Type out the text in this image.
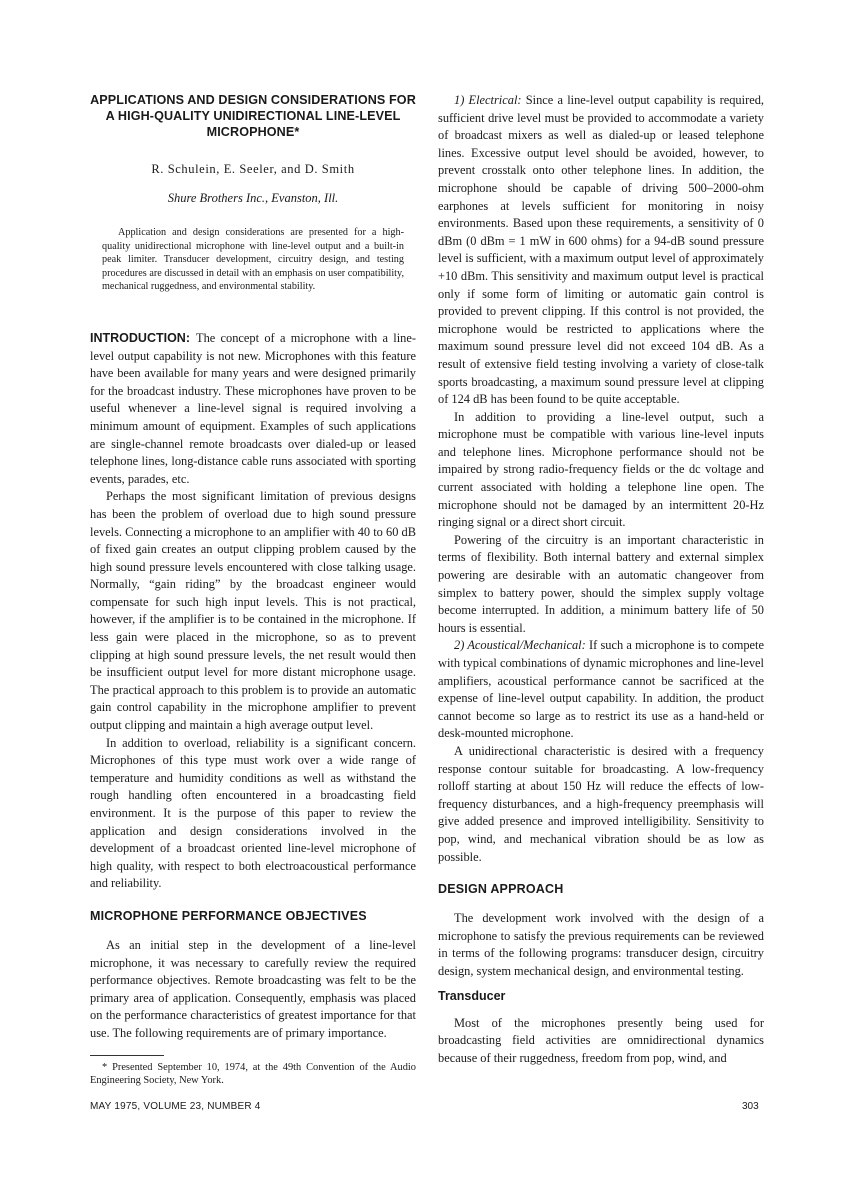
APPLICATIONS AND DESIGN CONSIDERATIONS FOR A HIGH-QUALITY UNIDIRECTIONAL LINE-LEVEL MICROPHONE*
R. Schulein, E. Seeler, and D. Smith
Shure Brothers Inc., Evanston, Ill.
Application and design considerations are presented for a high-quality unidirectional microphone with line-level output and a built-in peak limiter. Transducer development, circuitry design, and testing procedures are discussed in detail with an emphasis on user compatibility, mechanical ruggedness, and environmental stability.

INTRODUCTION: The concept of a microphone with a line-level output capability is not new. Microphones with this feature have been available for many years and were designed primarily for the broadcast industry. These microphones have proven to be useful whenever a line-level signal is required involving a minimum amount of equipment. Examples of such applications are single-channel remote broadcasts over dialed-up or leased telephone lines, long-distance cable runs associated with sporting events, parades, etc.

Perhaps the most significant limitation of previous designs has been the problem of overload due to high sound pressure levels. Connecting a microphone to an amplifier with 40 to 60 dB of fixed gain creates an output clipping problem caused by the high sound pressure levels encountered with close talking usage. Normally, “gain riding” by the broadcast engineer would compensate for such high input levels. This is not practical, however, if the amplifier is to be contained in the microphone. If less gain were placed in the microphone, so as to prevent clipping at high sound pressure levels, the net result would then be insufficient output level for more distant microphone usage. The practical approach to this problem is to provide an automatic gain control capability in the microphone amplifier to prevent output clipping and maintain a high average output level.

In addition to overload, reliability is a significant concern. Microphones of this type must work over a wide range of temperature and humidity conditions as well as withstand the rough handling often encountered in a broadcasting field environment. It is the purpose of this paper to review the application and design considerations involved in the development of a broadcast oriented line-level microphone of high quality, with respect to both electroacoustical performance and reliability.

MICROPHONE PERFORMANCE OBJECTIVES

As an initial step in the development of a line-level microphone, it was necessary to carefully review the required performance objectives. Remote broadcasting was felt to be the primary area of application. Consequently, emphasis was placed on the performance characteristics of greatest importance for that use. The following requirements are of primary importance.

* Presented September 10, 1974, at the 49th Convention of the Audio Engineering Society, New York.

1) Electrical: Since a line-level output capability is required, sufficient drive level must be provided to accommodate a variety of broadcast mixers as well as dialed-up or leased telephone lines. Excessive output level should be avoided, however, to prevent crosstalk onto other telephone lines. In addition, the microphone should be capable of driving 500–2000-ohm earphones at levels sufficient for monitoring in noisy environments. Based upon these requirements, a sensitivity of 0 dBm (0 dBm = 1 mW in 600 ohms) for a 94-dB sound pressure level is sufficient, with a maximum output level of approximately +10 dBm. This sensitivity and maximum output level is practical only if some form of limiting or automatic gain control is provided to prevent clipping. If this control is not provided, the microphone would be restricted to applications where the maximum sound pressure level did not exceed 104 dB. As a result of extensive field testing involving a variety of close-talk sports broadcasting, a maximum sound pressure level at clipping of 124 dB has been found to be quite acceptable.

In addition to providing a line-level output, such a microphone must be compatible with various line-level inputs and telephone lines. Microphone performance should not be impaired by strong radio-frequency fields or the dc voltage and current associated with holding a telephone line open. The microphone should not be damaged by an intermittent 20-Hz ringing signal or a direct short circuit.

Powering of the circuitry is an important characteristic in terms of flexibility. Both internal battery and external simplex powering are desirable with an automatic changeover from simplex to battery power, should the simplex supply voltage become interrupted. In addition, a minimum battery life of 50 hours is essential.

2) Acoustical/Mechanical: If such a microphone is to compete with typical combinations of dynamic microphones and line-level amplifiers, acoustical performance cannot be sacrificed at the expense of line-level output capability. In addition, the product cannot become so large as to restrict its use as a hand-held or desk-mounted microphone.

A unidirectional characteristic is desired with a frequency response contour suitable for broadcasting. A low-frequency rolloff starting at about 150 Hz will reduce the effects of low-frequency disturbances, and a high-frequency preemphasis will give added presence and improved intelligibility. Sensitivity to pop, wind, and mechanical vibration should be as low as possible.

DESIGN APPROACH

The development work involved with the design of a microphone to satisfy the previous requirements can be reviewed in terms of the following programs: transducer design, circuitry design, system mechanical design, and environmental testing.

Transducer

Most of the microphones presently being used for broadcasting field activities are omnidirectional dynamics because of their ruggedness, freedom from pop, wind, and

MAY 1975, VOLUME 23, NUMBER 4	303
